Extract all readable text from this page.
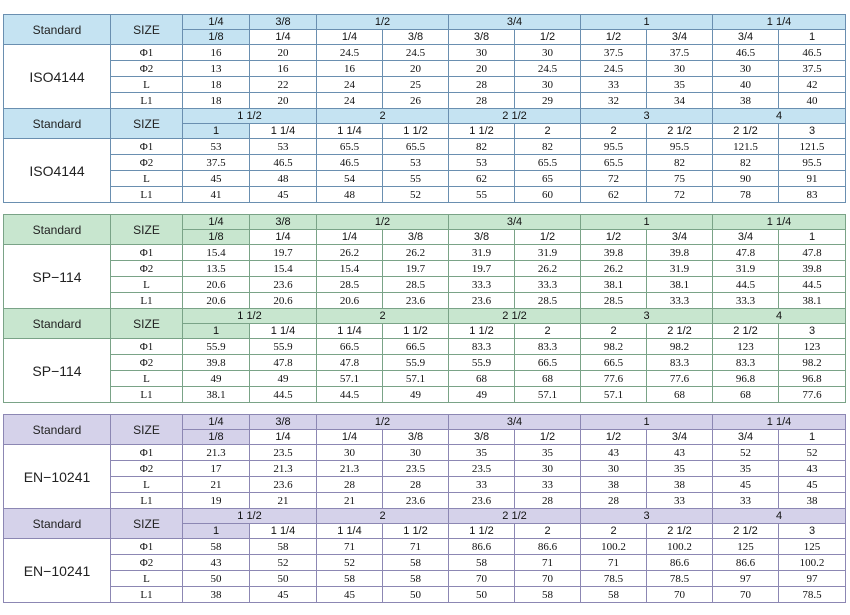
Standard	SIZE	1/4	3/8	1/2		3/4		1		1 1/4	
		1/8	1/4	1/4	3/8	3/8	1/2	1/2	3/4	3/4	1
ISO4144	Φ1	16	20	24.5	24.5	30	30	37.5	37.5	46.5	46.5
	Φ2	13	16	16	20	20	24.5	24.5	30	30	37.5
	L	18	22	24	25	28	30	33	35	40	42
	L1	18	20	24	26	28	29	32	34	38	40
Standard	SIZE	1 1/2		2		2 1/2		3		4	
		1	1 1/4	1 1/4	1 1/2	1 1/2	2	2	2 1/2	2 1/2	3
ISO4144	Φ1	53	53	65.5	65.5	82	82	95.5	95.5	121.5	121.5
	Φ2	37.5	46.5	46.5	53	53	65.5	65.5	82	82	95.5
	L	45	48	54	55	62	65	72	75	90	91
	L1	41	45	48	52	55	60	62	72	78	83
Standard	SIZE	1/4	3/8	1/2		3/4		1		1 1/4	
		1/8	1/4	1/4	3/8	3/8	1/2	1/2	3/4	3/4	1
SP−114	Φ1	15.4	19.7	26.2	26.2	31.9	31.9	39.8	39.8	47.8	47.8
	Φ2	13.5	15.4	15.4	19.7	19.7	26.2	26.2	31.9	31.9	39.8
	L	20.6	23.6	28.5	28.5	33.3	33.3	38.1	38.1	44.5	44.5
	L1	20.6	20.6	20.6	23.6	23.6	28.5	28.5	33.3	33.3	38.1
Standard	SIZE	1 1/2		2		2 1/2		3		4	
		1	1 1/4	1 1/4	1 1/2	1 1/2	2	2	2 1/2	2 1/2	3
SP−114	Φ1	55.9	55.9	66.5	66.5	83.3	83.3	98.2	98.2	123	123
	Φ2	39.8	47.8	47.8	55.9	55.9	66.5	66.5	83.3	83.3	98.2
	L	49	49	57.1	57.1	68	68	77.6	77.6	96.8	96.8
	L1	38.1	44.5	44.5	49	49	57.1	57.1	68	68	77.6
Standard	SIZE	1/4	3/8	1/2		3/4		1		1 1/4	
		1/8	1/4	1/4	3/8	3/8	1/2	1/2	3/4	3/4	1
EN−10241	Φ1	21.3	23.5	30	30	35	35	43	43	52	52
	Φ2	17	21.3	21.3	23.5	23.5	30	30	35	35	43
	L	21	23.6	28	28	33	33	38	38	45	45
	L1	19	21	21	23.6	23.6	28	28	33	33	38
Standard	SIZE	1 1/2		2		2 1/2		3		4	
		1	1 1/4	1 1/4	1 1/2	1 1/2	2	2	2 1/2	2 1/2	3
EN−10241	Φ1	58	58	71	71	86.6	86.6	100.2	100.2	125	125
	Φ2	43	52	52	58	58	71	71	86.6	86.6	100.2
	L	50	50	58	58	70	70	78.5	78.5	97	97
	L1	38	45	45	50	50	58	58	70	70	78.5
